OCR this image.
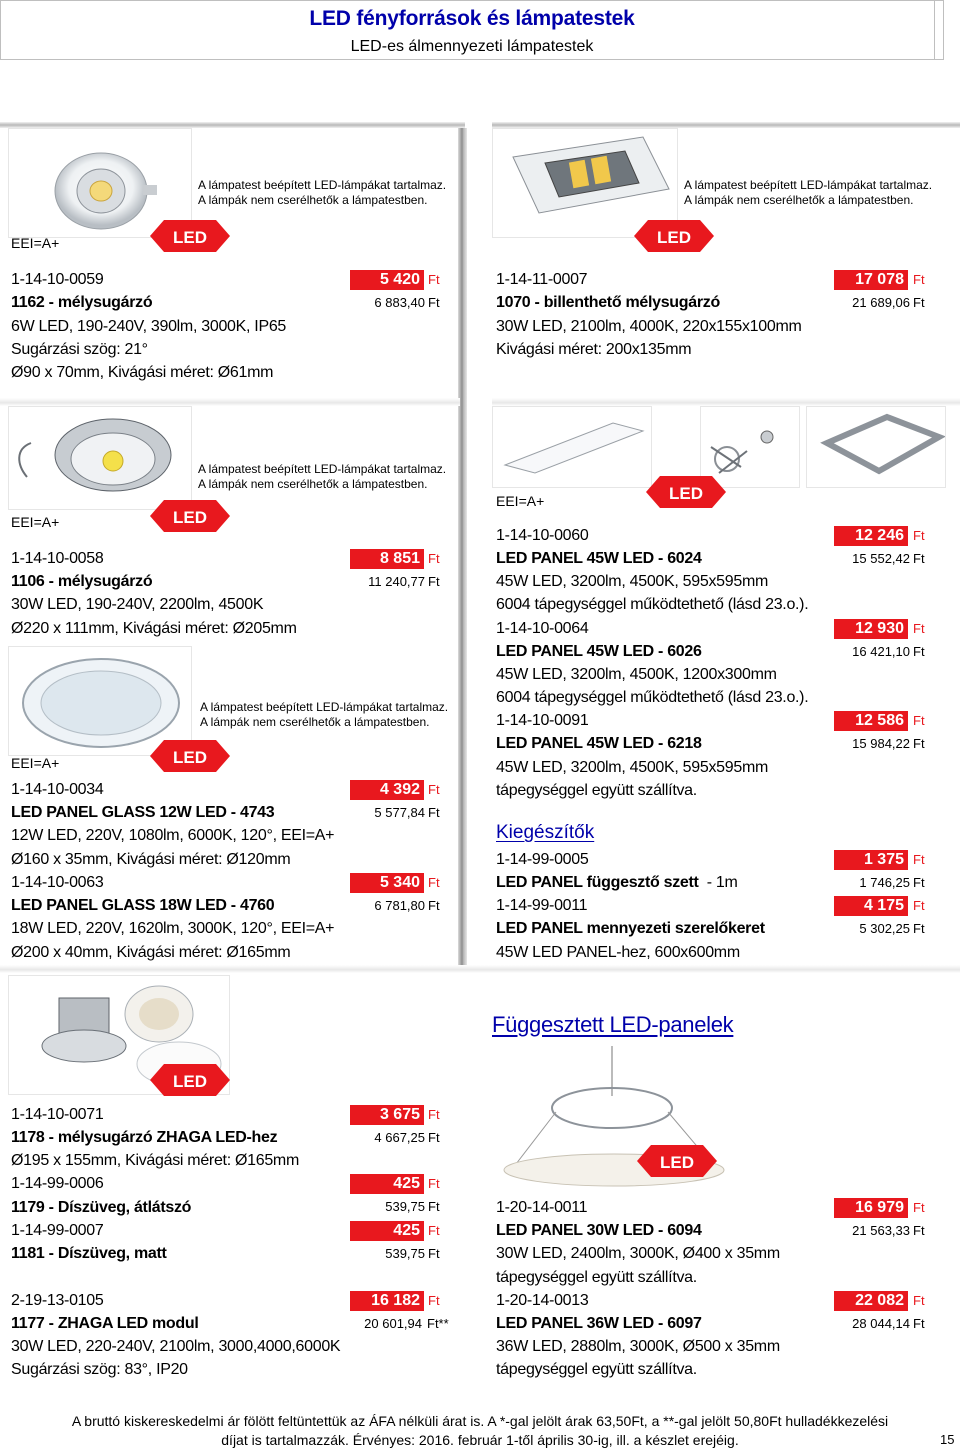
LED fényforrások és lámpatestek
LED-es álmennyezeti lámpatestek
A lámpatest beépített LED-lámpákat tartalmaz.
A lámpák nem cserélhetők a lámpatestben.
EEI=A+	LED
1-14-10-0059
1162 - mélysugárzó
6W LED, 190-240V, 390lm, 3000K, IP65
Sugárzási szög: 21°
Ø90 x 70mm, Kivágási méret: Ø61mm
5 420 Ft
6 883,40 Ft
A lámpatest beépített LED-lámpákat tartalmaz.
A lámpák nem cserélhetők a lámpatestben.
LED
1-14-11-0007
1070 - billenthető mélysugárzó
30W LED, 2100lm, 4000K, 220x155x100mm
Kivágási méret: 200x135mm
17 078 Ft
21 689,06 Ft
A lámpatest beépített LED-lámpákat tartalmaz.
A lámpák nem cserélhetők a lámpatestben.
EEI=A+	LED
1-14-10-0058
1106 - mélysugárzó
30W LED, 190-240V, 2200lm, 4500K
Ø220 x 111mm, Kivágási méret: Ø205mm
8 851 Ft
11 240,77 Ft
A lámpatest beépített LED-lámpákat tartalmaz.
A lámpák nem cserélhetők a lámpatestben.
EEI=A+	LED
1-14-10-0034
LED PANEL GLASS 12W LED - 4743
12W LED, 220V, 1080lm, 6000K, 120°, EEI=A+
Ø160 x 35mm, Kivágási méret: Ø120mm
4 392 Ft
5 577,84 Ft
1-14-10-0063
LED PANEL GLASS 18W LED - 4760
18W LED, 220V, 1620lm, 3000K, 120°, EEI=A+
Ø200 x 40mm, Kivágási méret: Ø165mm
5 340 Ft
6 781,80 Ft
EEI=A+	LED
1-14-10-0060
LED PANEL 45W LED - 6024
45W LED, 3200lm, 4500K, 595x595mm
6004 tápegységgel működtethető (lásd 23.o.).
12 246 Ft
15 552,42 Ft
1-14-10-0064
LED PANEL 45W LED - 6026
45W LED, 3200lm, 4500K, 1200x300mm
6004 tápegységgel működtethető (lásd 23.o.).
12 930 Ft
16 421,10 Ft
1-14-10-0091
LED PANEL 45W LED - 6218
45W LED, 3200lm, 4500K, 595x595mm
tápegységgel együtt szállítva.
12 586 Ft
15 984,22 Ft
Kiegészítők
1-14-99-0005
LED PANEL függesztő szett - 1m
1 375 Ft
1 746,25 Ft
1-14-99-0011
LED PANEL mennyezeti szerelőkeret
45W LED PANEL-hez, 600x600mm
4 175 Ft
5 302,25 Ft
LED
1-14-10-0071
1178 - mélysugárzó ZHAGA LED-hez
Ø195 x 155mm, Kivágási méret: Ø165mm
3 675 Ft
4 667,25 Ft
1-14-99-0006
1179 - Díszüveg, átlátszó
425 Ft
539,75 Ft
1-14-99-0007
1181 - Díszüveg, matt
425 Ft
539,75 Ft
2-19-13-0105
1177 - ZHAGA LED modul
30W LED, 220-240V, 2100lm, 3000,4000,6000K
Sugárzási szög: 83°, IP20
16 182 Ft
20 601,94 Ft**
Függesztett LED-panelek
LED
1-20-14-0011
LED PANEL 30W LED - 6094
30W LED, 2400lm, 3000K, Ø400 x 35mm
tápegységgel együtt szállítva.
16 979 Ft
21 563,33 Ft
1-20-14-0013
LED PANEL 36W LED - 6097
36W LED, 2880lm, 3000K, Ø500 x 35mm
tápegységgel együtt szállítva.
22 082 Ft
28 044,14 Ft
A bruttó kiskereskedelmi ár fölött feltüntettük az ÁFA nélküli árat is. A *-gal jelölt árak 63,50Ft, a **-gal jelölt 50,80Ft hulladékkezelési
díjat is tartalmazzák. Érvényes: 2016. február 1-től április 30-ig, ill. a készlet erejéig.	15
